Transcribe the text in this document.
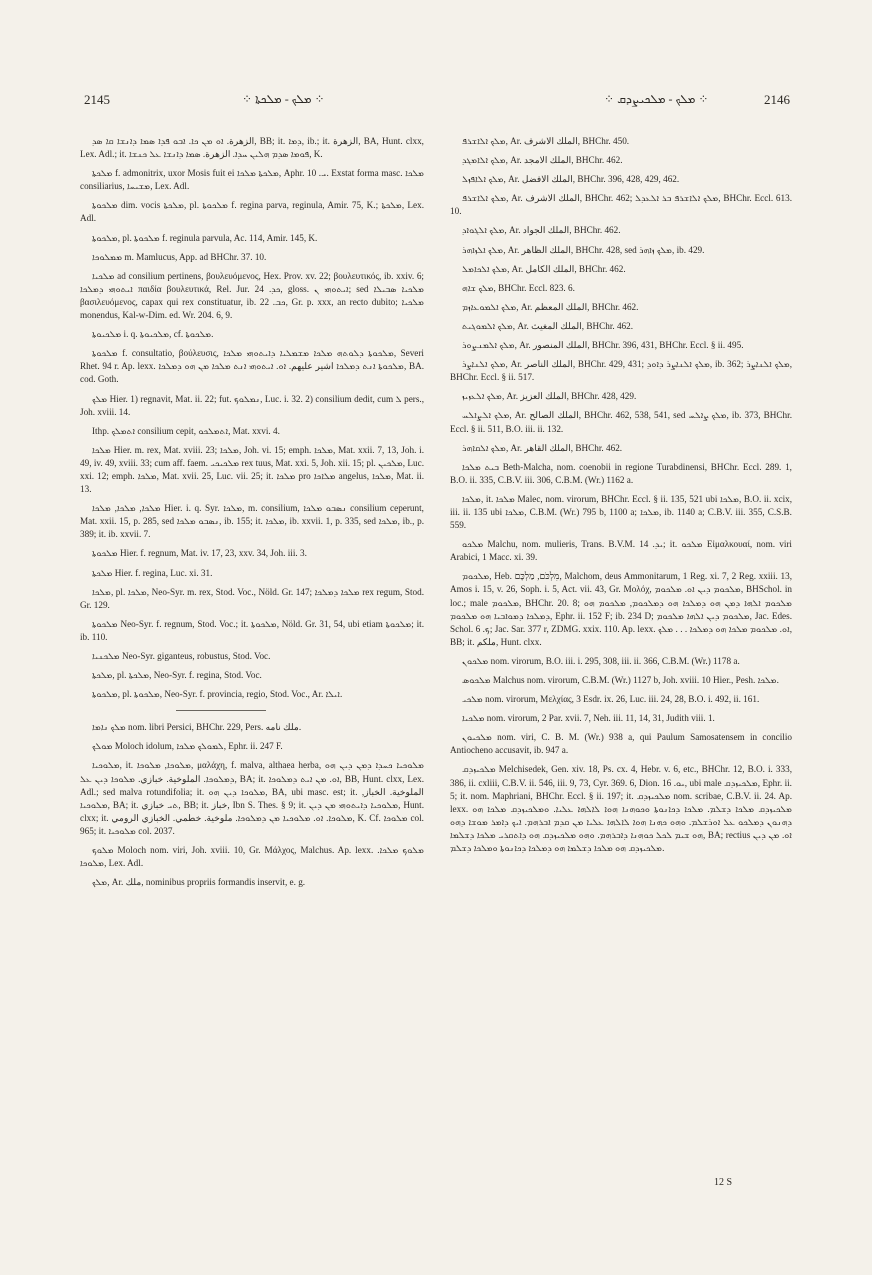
2145	⁘ ܡܠܟ - ܡܠܟܬܐ ⁘	⁘ ܡܠܟ - ܡܠܟܝܨܕܩ ⁘	2146

الزهرة. ܐܘ ܡܢ ܟܐ. ܐܒܘ ܦܕܐ ܣܡܐ ܕܐܢܫܐ ܩܐ ܣܕ, BB; it. ܕܡܐ, ib.; it. الزهرة, BA, Hunt. clxx, Lex. Adl.; it. ܦܘܡܐ ܣܕܡ ܗܠܝܢ ܚܕܐ. الزهرة. ܣܡܐ ܕܐܢܫܐ ܥܠ ܟܢܫܐ, K.

ܡܠܟܬܐ f. admonitrix, uxor Mosis fuit ei ܡܠܟܬܐ ܡܠܟܐ, Aphr. ܝ. 10. Exstat forma masc. ܡܠܟܐ consiliarius, ܡܫܝܚܐ, Lex. Adl.

ܡܠܟܘܬܐ dim. vocis ܡܠܟܬܐ, pl. ܡܠܟܘܬܐ f. regina parva, reginula, Amir. 75, K.; ܡܠܟܬܐ, Lex. Adl.

ܡܠܟܘܬܐ, pl. ܡܠܟܘܬܐ f. reginula parvula, Ac. 114, Amir. 145, K.

ܡܡܠܘܟܐ m. Mamlucus, App. ad BHChr. 37. 10.

ܡܠܟܝܐ ad consilium pertinens, βουλευόμενος, Hex. Prov. xv. 22; βουλευτικός, ib. xxiv. 6; ܐܝܬܘܗܝ ܕܡܠܟܐ παιδία βουλευτικά, Rel. Jur. ܟܕ. 24, gloss. ܐܝܬܘܗܝ ܢ; sed ܡܠܟܝܐ ܣܒܝܠܐ βασιλευόμενος, capax qui rex constituatur, ib. ܟܒ. 22, Gr. p. xxx, an recto dubito; ܡܠܟܝܐ monendus, Kal-w-Dim. ed. Wr. 204. 6, 9.

ܡܠܟܝܘܬܐ i. q. ܡܠܟܝܘܬܐ, cf. ܡܠܟܘܬܐ.

ܡܠܟܘܬܐ f. consultatio, βούλευσις, ܡܠܟܘܬܐ ܕܠܘܬܗ ܡܠܟܐ ܡܫܡܠܝܐ ܕܐܝܬܘܗܝ ܡܠܟܐ, Severi Rhet. 94 r. Ap. lexx. ܡܠܟܘܬܐ ܐܢܬ ܕܡܠܟܐ اشير عليهم. ܐܘ. ܐܝܬܘܗܝ ܐܢܬ ܡܠܟܐ ܡܢ ܗܘ ܕܡܠܟܐ, BA. cod. Goth.

ܡܠܟ Hier. 1) regnavit, Mat. ii. 22; fut. ܢܡܠܘܟ, Luc. i. 32. 2) consilium dedit, cum ܠ pers., Joh. xviii. 14.

Ithp. ܐܬܡܠܟ consilium cepit, ܐܬܡܠܟܘ, Mat. xxvi. 4.

ܡܠܟܐ Hier. m. rex, Mat. xviii. 23; ܡܠܟܐ, Joh. vi. 15; emph. ܡܠܟܐ, Mat. xxii. 7, 13, Joh. i. 49, iv. 49, xviii. 33; cum aff. faem. ܡܠܟܝܟܝ rex tuus, Mat. xxi. 5, Joh. xii. 15; pl. ܡܠܟܝܢ, Luc. xxi. 12; emph. ܡܠܟܐ, Mat. xvii. 25, Luc. vii. 25; it. ܡܠܟܐ pro ܡܠܐܟܐ angelus, ܡܠܟܐ, Mat. ii. 13.

ܡܠܟܐ, ܡܠܟܐ, ܡܠܟܐ Hier. i. q. Syr. ܡܠܟܐ, m. consilium, ܢܣܒܘ ܡܠܟܐ consilium ceperunt, Mat. xxii. 15, p. 285, sed ܢܣܒܘ ܡܠܟܐ, ib. 155; it. ܡܠܟܐ, ib. xxvii. 1, p. 335, sed ܡܠܟܐ, ib., p. 389; it. ib. xxvii. 7.

ܡܠܟܘܬܐ Hier. f. regnum, Mat. iv. 17, 23, xxv. 34, Joh. iii. 3.

ܡܠܟܬܐ Hier. f. regina, Luc. xi. 31.

ܡܠܟܐ, pl. ܡܠܟܐ, Neo-Syr. m. rex, Stod. Voc., Nöld. Gr. 147; ܡܠܟܐ ܕܡܠܟܐ rex regum, Stod. Gr. 129.

ܡܠܟܘܬܐ Neo-Syr. f. regnum, Stod. Voc.; it. ܡܠܟܘܬܐ, Nöld. Gr. 31, 54, ubi etiam ܡܠܟܘܬܐ; it. ib. 110.

ܡܠܟܢܝܐ Neo-Syr. giganteus, robustus, Stod. Voc.

ܡܠܟܬܐ, pl. ܡܠܟܬܐ, Neo-Syr. f. regina, Stod. Voc.

ܡܠܟܘܬܐ, pl. ܡܠܟܘܬܐ, Neo-Syr. f. provincia, regio, Stod. Voc., Ar. ܐܝܠܐ.

ܡܠܟ ܢܐܡܐ nom. libri Persici, BHChr. 229, Pers. ملك نامه.

ܡܘܠܟ Moloch idolum, ܠܡܘܠܟ ܡܠܟܐ, Ephr. ii. 247 F.

ܡܠܘܟܝܐ, it. ܡܠܘܟܐ, ܡܠܘܟܐ, μαλάχη, f. malva, althaea herba, ܡܠܘܟܝܐ ܟܚܕܐ ܕܡܢ ܕܝܢ ܗܘ ܕܡܠܘܟܐ. الملوخية. خبازي. ܡܠܘܟܐ ܕܝܢ ܥܠ, BA; it. ܐܘ. ܡܢ ܐܝܬ ܕܡܠܘܟܐ, BB, Hunt. clxx, Lex. Adl.; sed malva rotundifolia; it. ܡܠܘܟܐ ܕܝܢ ܗܘ, BA, ubi masc. est; it. الملوخية. الخباز, ܡܠܘܟܝܐ, BA; it. ܬܝ خبازي, BB; it. خباز, Ibn S. Thes. § 9; it. ܡܠܘܟܝܐ ܕܐܝܬܘܗܝ ܡܢ ܕܝܢ, Hunt. clxx; it. ܡܠܘܟܐ. ܐܘ. ܡܠܘܟܝܐ ܡܢ ܕܡܠܘܟܐ. ملوخية. خطمي. الخبازي الرومي, K. Cf. ܡܠܘܟܐ col. 965; it. ܡܠܘܟܝܐ col. 2037.

ܡܠܘܟ Moloch nom. viri, Joh. xviii. 10, Gr. Μάλχος, Malchus. Ap. lexx. ܡܠܘܟ ܡܠܟܐ. ܡܠܘܟܐ, Lex. Adl.

ܡܠܟ, Ar. ملك, nominibus propriis formandis inservit, e. g.

ܡܠܟ ܐܠܐܫܪܦ, Ar. الملك الاشرف, BHChr. 450.

ܡܠܟ ܐܠܐܡܓܕ, Ar. الملك الامجد, BHChr. 462.

ܡܠܟ ܐܠܐܦܙܠ, Ar. الملك الافضل, BHChr. 396, 428, 429, 462.

ܡܠܟ ܐܠܐܫܪܦ, Ar. الملك الاشرف, BHChr. 462; ܡܠܟ ܐܠܐܫܪܦ ܒܪ ܐܠܥܕܠ, BHChr. Eccl. 613. 10.

ܡܠܟ ܐܠܓܘܐܕ, Ar. الملك الجواد, BHChr. 462.

ܡܠܟ ܐܠܙܐܗܪ, Ar. الملك الظاهر, BHChr. 428, sed ܡܠܟ ܙܐܗܪ, ib. 429.

ܡܠܟ ܐܠܟܐܡܠ, Ar. الملك الكامل, BHChr. 462.

ܡܠܟ ܫܐܗ, BHChr. Eccl. 823. 6.

ܡܠܟ ܐܠܡܘܥܐܙܡ, Ar. الملك المعظم, BHChr. 462.

ܡܠܟ ܐܠܡܘܓܝܬ, Ar. الملك المغيث, BHChr. 462.

ܡܠܟ ܐܠܡܢܨܘܪ, Ar. الملك المنصور, BHChr. 396, 431, BHChr. Eccl. § ii. 495.

ܡܠܟ ܐܠܢܐܨܪ, Ar. الملك الناصر, BHChr. 429, 431; ܡܠܟ ܐܠܢܐܨܪ ܕܐܘܕ, ib. 362; ܡܠܟ ܐܠܢܐܨܪ, BHChr. Eccl. § ii. 517.

ܡܠܟ ܐܠܥܙܝܙ, Ar. الملك العزيز, BHChr. 428, 429.

ܡܠܟ ܐܠܨܐܠܚ, Ar. الملك الصالح, BHChr. 462, 538, 541, sed ܡܠܟ ܨܐܠܚ, ib. 373, BHChr. Eccl. § ii. 511, B.O. iii. ii. 132.

ܡܠܟ ܐܠܩܐܗܪ, Ar. الملك القاهر, BHChr. 462.

ܒܝܬ ܡܠܟܐ Beth-Malcha, nom. coenobii in regione Turabdinensi, BHChr. Eccl. 289. 1, B.O. ii. 335, C.B.V. iii. 306, C.B.M. (Wr.) 1162 a.

ܡܠܟܐ, it. ܡܠܟܐ Malec, nom. virorum, BHChr. Eccl. § ii. 135, 521 ubi ܡܠܟܐ, B.O. ii. xcix, iii. ii. 135 ubi ܡܠܟܐ, C.B.M. (Wr.) 795 b, 1100 a; ܡܠܟܐ, ib. 1140 a; C.B.V. iii. 355, C.S.B. 559.

ܡܠܟܘ Malchu, nom. mulieris, Trans. B.V.M. ܝܕ. 14; it. ܡܠܟܘ Εἰμαλκουαί, nom. viri Arabici, 1 Macc. xi. 39.

ܡܠܟܘܡ, Heb. מִלְכֹּם, מַלְכָּם, Malchom, deus Ammonitarum, 1 Reg. xi. 7, 2 Reg. xxiii. 13, Amos i. 15, v. 26, Soph. i. 5, Act. vii. 43, Gr. Μολόχ, ܡܠܟܘܡ ܕܝܢ ܐܘ. ܡܠܟܘܡ, BHSchol. in loc.; male ܡܠܟܘܡ, BHChr. 20. 8; ܡܠܟܘܡ ܐܠܗܐ ܕܡܢ ܗܘ ܕܡܠܟܐ ܗܘ ܕܡܠܟܘܡ, ܡܠܟܘܡ ܗܘ ܕܡܠܟܐ ܕܡܘܐܒܝܐ ܗܘ ܡܠܟܘܡ, Ephr. ii. 152 F; ib. 234 D; ܡܠܟܘܡ ܕܝܢ ܐܠܗܐ ܡܠܟܘܡ, Jac. Edes. Schol. ܟ. 6; Jac. Sar. 377 r, ZDMG. xxix. 110. Ap. lexx. ܐܘ. ܡܠܟܘܡ ܡܠܟܐ ܗܘ ܕܡܠܟܐ . . . ܡܠܟ, BB; it. ملكم, Hunt. clxx.

ܡܠܟܘܢ nom. virorum, B.O. iii. i. 295, 308, iii. ii. 366, C.B.M. (Wr.) 1178 a.

ܡܠܟܘܣ Malchus nom. virorum, C.B.M. (Wr.) 1127 b, Joh. xviii. 10 Hier., Pesh. ܡܠܟܐ.

ܡܠܟܝ nom. virorum, Μελχίας, 3 Esdr. ix. 26, Luc. iii. 24, 28, B.O. i. 492, ii. 161.

ܡܠܟܝܐ nom. virorum, 2 Par. xvii. 7, Neh. iii. 11, 14, 31, Judith viii. 1.

ܡܠܟܝܘܢ nom. viri, C. B. M. (Wr.) 938 a, qui Paulum Samosatensem in concilio Antiocheno accusavit, ib. 947 a.

ܡܠܟܝܙܕܩ Melchisedek, Gen. xiv. 18, Ps. cx. 4, Hebr. v. 6, etc., BHChr. 12, B.O. i. 333, 386, ii. cxliii, C.B.V. ii. 546, iii. 9, 73, Cyr. 369. 6, Dion. ܝܘ. 16, ubi male ܡܠܟܝܙܕܩ, Ephr. ii. 5; it. nom. Maphriani, BHChr. Eccl. § ii. 197; it. ܡܠܟܝܙܕܩ nom. scribae, C.B.V. ii. 24. Ap. lexx. ܡܠܟܝܙܕܩ ܡܠܟܐ ܕܫܠܡ. ܡܠܟܐ ܕܟܐܢܘܬܐ ܘܟܘܗܢܐ ܗܘܐ ܠܐܠܗܐ ܥܠܝܐ. ܘܡܠܟܝܙܕܩ ܡܠܟܐ ܗܘ ܕܗܢܘܢ ܕܡܠܟܘ ܥܠ ܐܘܪܫܠܡ. ܘܗܘ ܟܗܢܐ ܗܘܐ ܠܐܠܗܐ ܥܠܝܐ ܡܢ ܩܕܡ ܐܒܪܗܡ. ܐܝܟ ܕܐܡܪ ܡܘܫܐ ܕܗܘ ܗܘ ܫܝܡ ܠܟܠ ܟܘܗܢܐ ܕܐܒܪܗܡ. ܘܗܘ ܡܠܟܝܙܕܩ ܗܘ ܕܐܬܩܪܝ ܡܠܟܐ ܕܫܠܡܐ, BA; rectius ܐܘ. ܡܢ ܕܝܢ ܡܠܟܝܙܕܩ ܗܘ ܡܠܟܐ ܕܫܠܡܐ ܗܘ ܕܡܠܟܐ ܕܟܐܢܘܬܐ ܘܡܠܟܐ ܕܫܠܡ.

12 S
